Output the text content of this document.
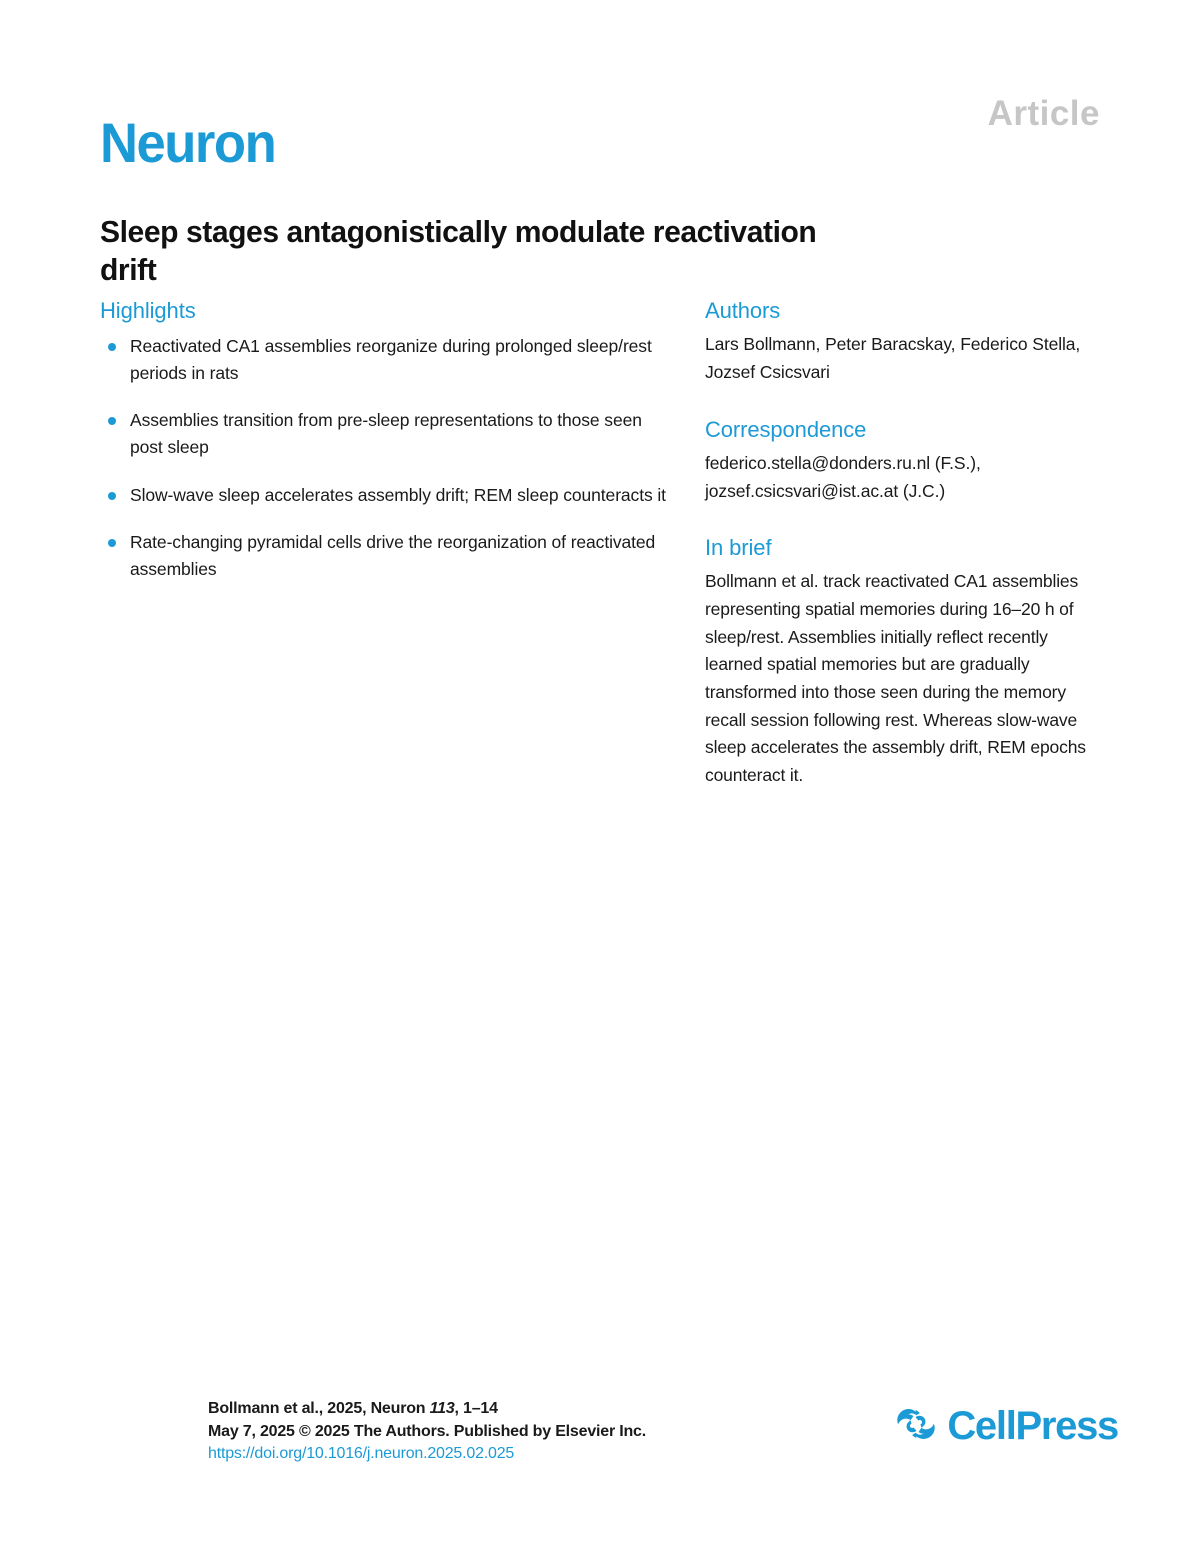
Article
Neuron
Sleep stages antagonistically modulate reactivation drift
Highlights
Reactivated CA1 assemblies reorganize during prolonged sleep/rest periods in rats
Assemblies transition from pre-sleep representations to those seen post sleep
Slow-wave sleep accelerates assembly drift; REM sleep counteracts it
Rate-changing pyramidal cells drive the reorganization of reactivated assemblies
Authors

Lars Bollmann, Peter Baracskay, Federico Stella, Jozsef Csicsvari

Correspondence

federico.stella@donders.ru.nl (F.S.),
jozsef.csicsvari@ist.ac.at (J.C.)

In brief

Bollmann et al. track reactivated CA1 assemblies representing spatial memories during 16–20 h of sleep/rest. Assemblies initially reflect recently learned spatial memories but are gradually transformed into those seen during the memory recall session following rest. Whereas slow-wave sleep accelerates the assembly drift, REM epochs counteract it.

Bollmann et al., 2025, Neuron 113, 1–14
May 7, 2025 © 2025 The Authors. Published by Elsevier Inc.
https://doi.org/10.1016/j.neuron.2025.02.025
CellPress
